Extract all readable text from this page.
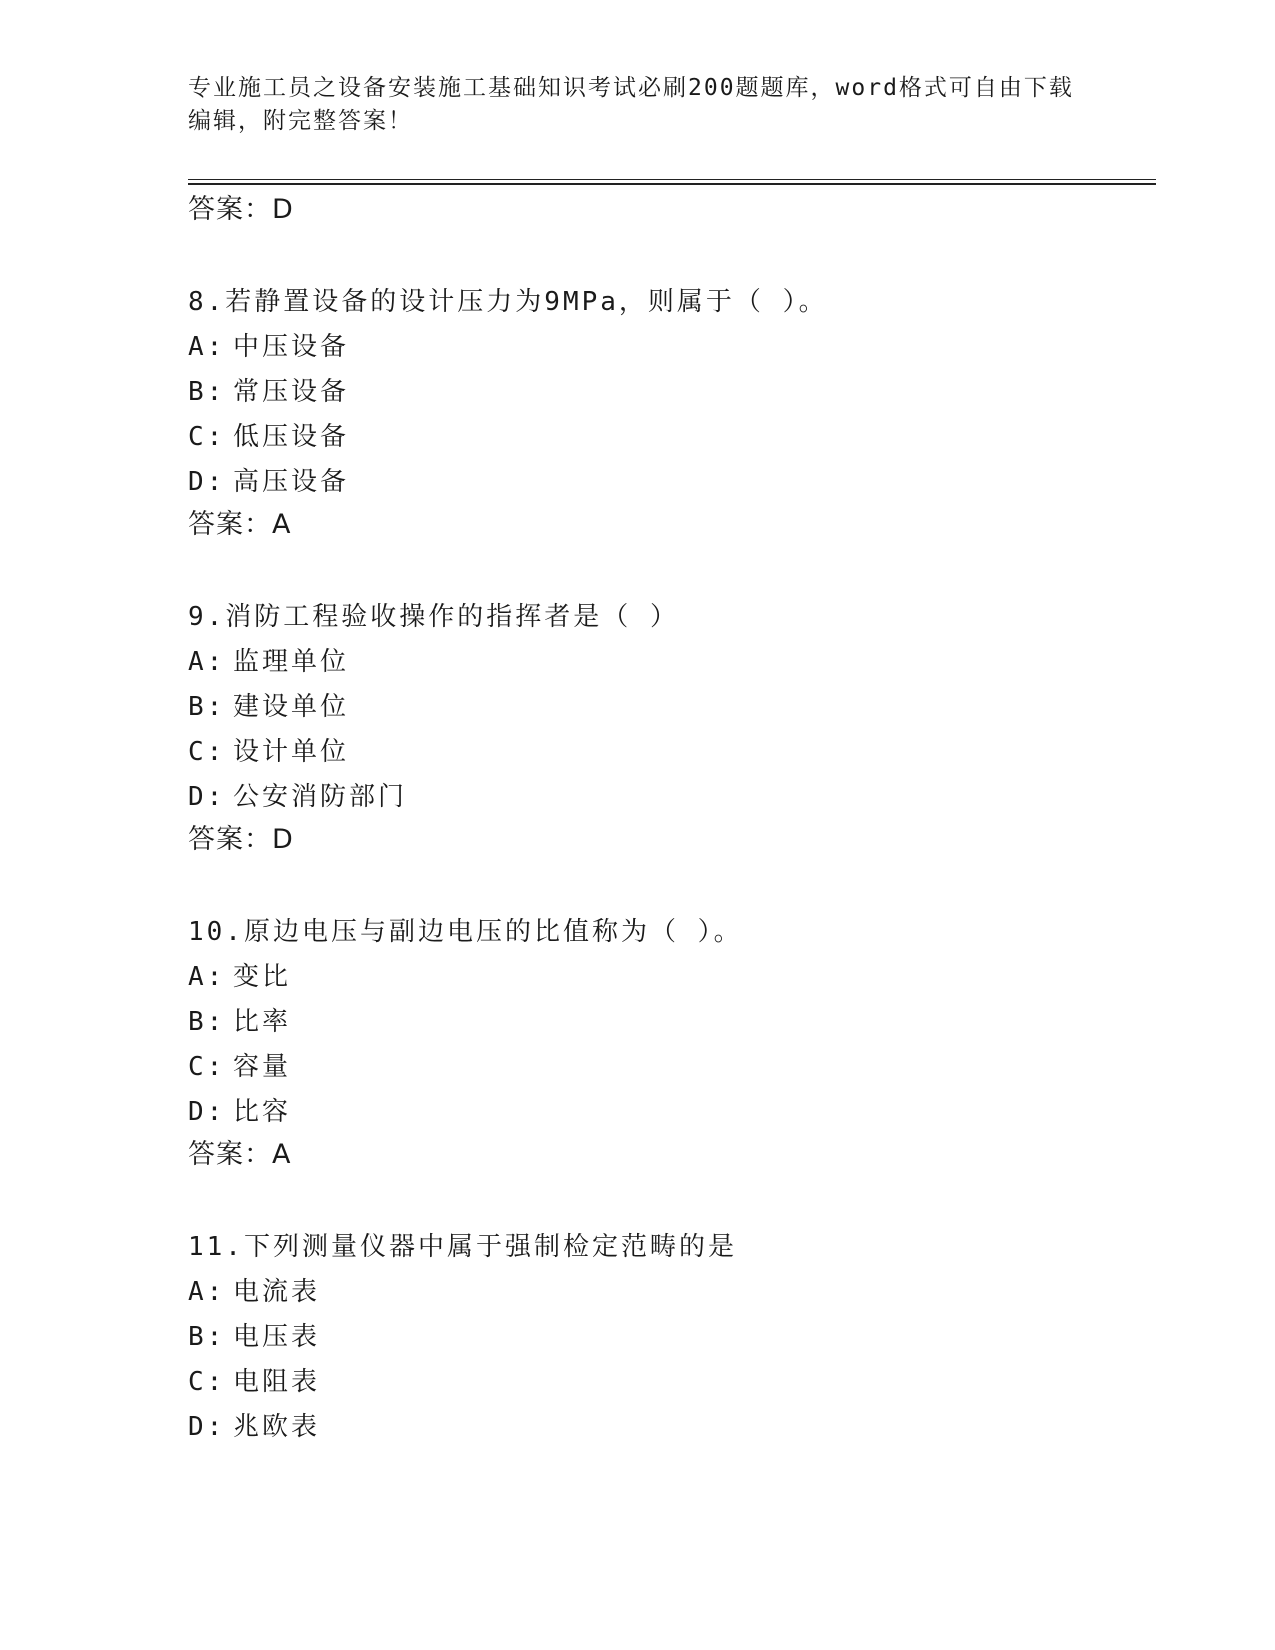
专业施工员之设备安装施工基础知识考试必刷200题题库，word格式可自由下载
编辑，附完整答案！
答案：D
8.若静置设备的设计压力为9MPa，则属于（ ）。
A: 中压设备
B: 常压设备
C: 低压设备
D: 高压设备
答案：A
9.消防工程验收操作的指挥者是（ ）
A: 监理单位
B: 建设单位
C: 设计单位
D: 公安消防部门
答案：D
10.原边电压与副边电压的比值称为（ ）。
A: 变比
B: 比率
C: 容量
D: 比容
答案：A
11.下列测量仪器中属于强制检定范畴的是
A: 电流表
B: 电压表
C: 电阻表
D: 兆欧表
